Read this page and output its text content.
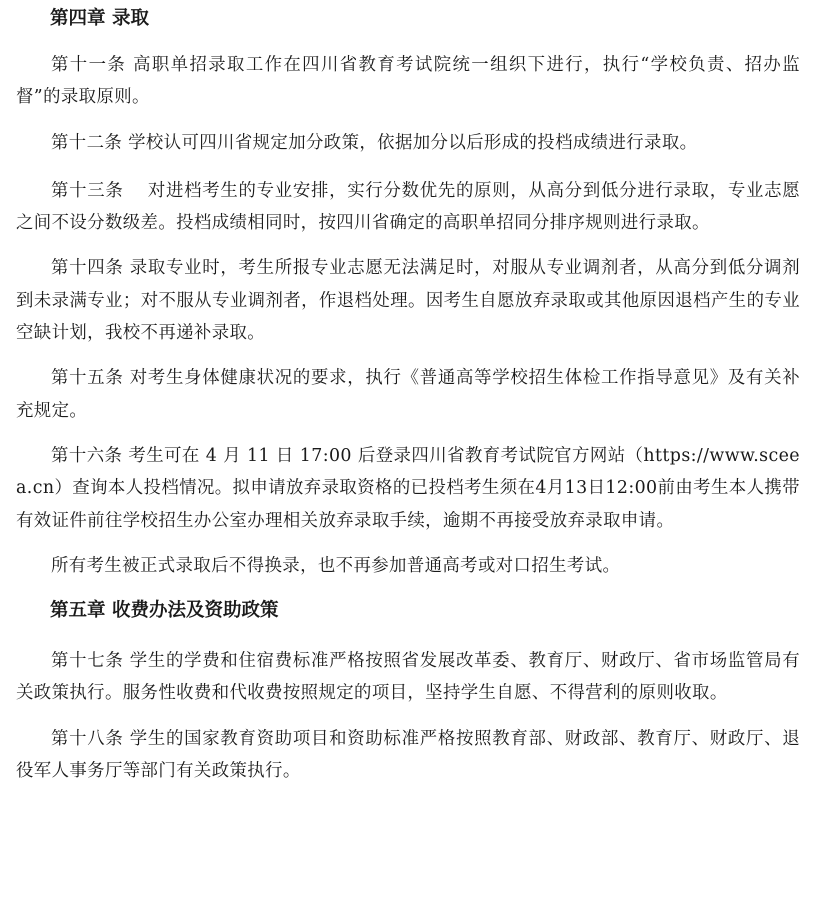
第四章 录取

第十一条 高职单招录取工作在四川省教育考试院统一组织下进行，执行“学校负责、招办监督”的录取原则。

第十二条 学校认可四川省规定加分政策，依据加分以后形成的投档成绩进行录取。

第十三条　 对进档考生的专业安排，实行分数优先的原则，从高分到低分进行录取，专业志愿之间不设分数级差。投档成绩相同时，按四川省确定的高职单招同分排序规则进行录取。

第十四条 录取专业时，考生所报专业志愿无法满足时，对服从专业调剂者，从高分到低分调剂到未录满专业；对不服从专业调剂者，作退档处理。因考生自愿放弃录取或其他原因退档产生的专业空缺计划，我校不再递补录取。

第十五条 对考生身体健康状况的要求，执行《普通高等学校招生体检工作指导意见》及有关补充规定。

第十六条 考生可在 4 月 11 日 17:00 后登录四川省教育考试院官方网站（https://www.sceea.cn）查询本人投档情况。拟申请放弃录取资格的已投档考生须在4月13日12:00前由考生本人携带有效证件前往学校招生办公室办理相关放弃录取手续，逾期不再接受放弃录取申请。

所有考生被正式录取后不得换录，也不再参加普通高考或对口招生考试。

第五章 收费办法及资助政策

第十七条 学生的学费和住宿费标准严格按照省发展改革委、教育厅、财政厅、省市场监管局有关政策执行。服务性收费和代收费按照规定的项目，坚持学生自愿、不得营利的原则收取。

第十八条 学生的国家教育资助项目和资助标准严格按照教育部、财政部、教育厅、财政厅、退役军人事务厅等部门有关政策执行。
